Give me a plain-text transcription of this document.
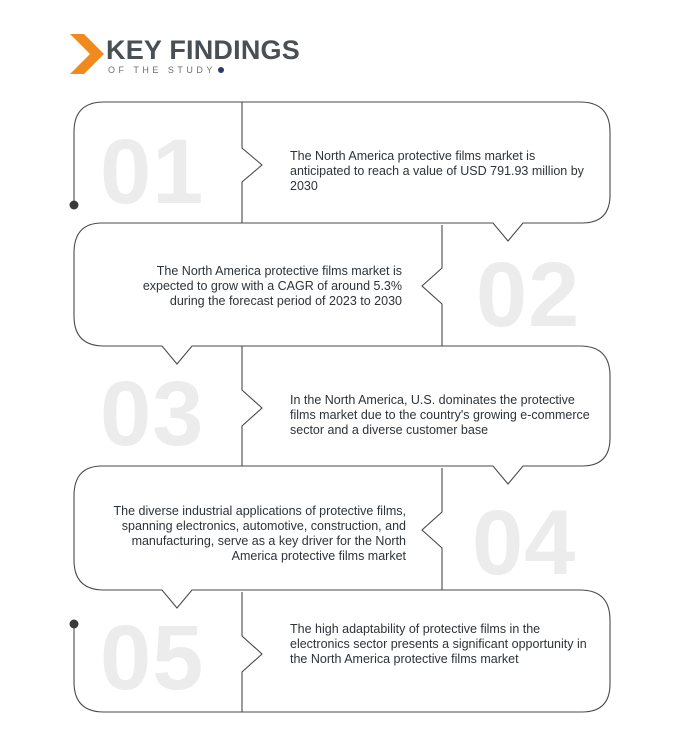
KEY FINDINGS
OF THE STUDY
01	The North America protective films market is anticipated to reach a value of USD 791.93 million by 2030
02
The North America protective films market is expected to grow with a CAGR of around 5.3% during the forecast period of 2023 to 2030
03	In the North America, U.S. dominates the protective films market due to the country's growing e-commerce sector and a diverse customer base
04
The diverse industrial applications of protective films, spanning electronics, automotive, construction, and manufacturing, serve as a key driver for the North America protective films market
05	The high adaptability of protective films in the electronics sector presents a significant opportunity in the North America protective films market
